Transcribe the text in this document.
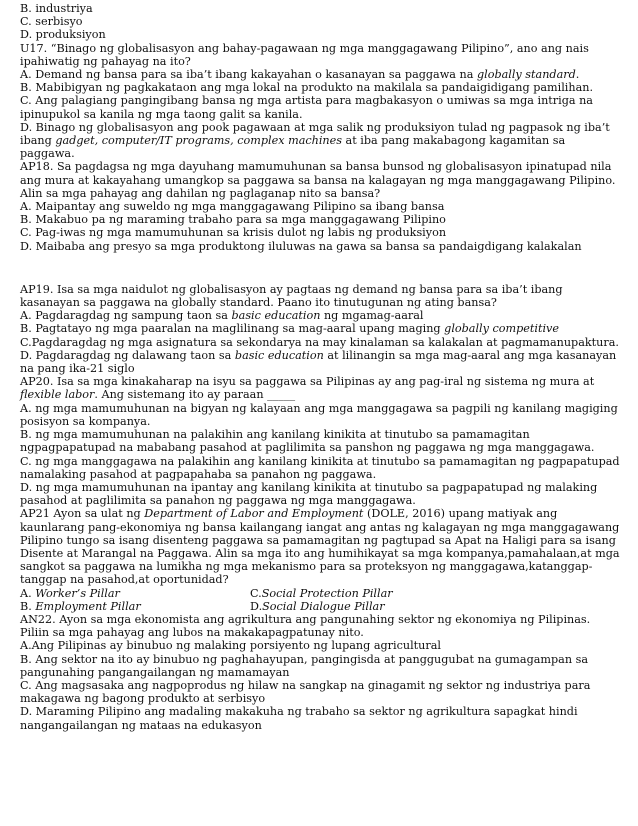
B. industriya

C. serbisyo

D. produksiyon

U17. “Binago ng globalisasyon ang bahay-pagawaan ng mga manggagawang Pilipino”, ano ang nais ipahiwatig ng pahayag na ito?

A. Demand ng bansa para sa iba’t ibang kakayahan o kasanayan sa paggawa na globally standard.

B. Mabibigyan ng pagkakataon ang mga lokal na produkto na makilala sa pandaigidigang pamilihan.

C. Ang palagiang pangingibang bansa ng mga artista para magbakasyon o umiwas sa mga intriga na ipinupukol sa kanila ng mga taong galit sa kanila.

D. Binago ng globalisasyon ang pook pagawaan at mga salik ng produksiyon tulad ng pagpasok ng iba’t ibang gadget, computer/IT programs, complex machines at iba pang makabagong kagamitan sa paggawa.

AP18. Sa pagdagsa ng mga dayuhang mamumuhunan sa bansa bunsod ng globalisasyon ipinatupad nila ang mura at kakayahang umangkop sa paggawa sa bansa na kalagayan ng mga manggagawang Pilipino. Alin sa mga pahayag ang dahilan ng paglaganap nito sa bansa?

A. Maipantay ang suweldo ng mga manggagawang Pilipino sa ibang bansa

B. Makabuo pa ng maraming trabaho para sa mga manggagawang Pilipino

C. Pag-iwas ng mga mamumuhunan sa krisis dulot ng labis ng produksiyon

D. Maibaba ang presyo sa mga produktong iluluwas na gawa sa bansa sa pandaigdigang kalakalan

AP19. Isa sa mga naidulot ng globalisasyon ay pagtaas ng demand ng bansa para sa iba’t ibang kasanayan sa paggawa na globally standard. Paano ito tinutugunan ng ating bansa?

A. Pagdaragdag ng sampung taon sa basic education ng mgamag-aaral

B. Pagtatayo ng mga paaralan na maglilinang sa mag-aaral upang maging globally competitive

C.Pagdaragdag ng mga asignatura sa sekondarya na may kinalaman sa kalakalan at pagmamanupaktura.

D. Pagdaragdag ng dalawang taon sa basic education at lilinangin sa mga mag-aaral ang mga kasanayan na pang ika-21 siglo

AP20. Isa sa mga kinakaharap na isyu sa paggawa sa Pilipinas ay ang pag-iral ng sistema ng mura at flexible labor. Ang sistemang ito ay paraan _____

A. ng mga mamumuhunan na bigyan ng kalayaan ang mga manggagawa sa pagpili ng kanilang magiging posisyon sa kompanya.

B. ng mga mamumuhunan na palakihin ang kanilang kinikita at tinutubo sa pamamagitan ngpagpapatupad na mababang pasahod at paglilimita sa panshon ng paggawa ng mga manggagawa.

C. ng mga manggagawa na palakihin ang kanilang kinikita at tinutubo sa pamamagitan ng pagpapatupad namalaking pasahod at pagpapahaba sa panahon ng paggawa.

D. ng mga mamumuhunan na ipantay ang kanilang kinikita at tinutubo sa pagpapatupad ng malaking pasahod at paglilimita sa panahon ng paggawa ng mga manggagawa.

AP21 Ayon sa ulat ng Department of Labor and Employment (DOLE, 2016) upang matiyak ang kaunlarang pang-ekonomiya ng bansa kailangang iangat ang antas ng kalagayan ng mga manggagawang Pilipino tungo sa isang disenteng paggawa sa pamamagitan ng pagtupad sa Apat na Haligi para sa isang Disente at Marangal na Paggawa. Alin sa mga ito ang humihikayat sa mga kompanya,pamahalaan,at mga sangkot sa paggawa na lumikha ng mga mekanismo para sa proteksyon ng manggagawa,katanggap-tanggap na pasahod,at oportunidad?

A. Worker’s Pillar	C.Social Protection Pillar

B. Employment Pillar	D.Social Dialogue Pillar

AN22. Ayon sa mga ekonomista ang agrikultura ang pangunahing sektor ng ekonomiya ng Pilipinas. Piliin sa mga pahayag ang lubos na makakapagpatunay nito.

A.Ang Pilipinas ay binubuo ng malaking porsiyento ng lupang agricultural

B. Ang sektor na ito ay binubuo ng paghahayupan, pangingisda at panggugubat na gumagampan sa pangunahing pangangailangan ng mamamayan

C. Ang magsasaka ang nagpoprodus ng hilaw na sangkap na ginagamit ng sektor ng industriya para makagawa ng bagong produkto at serbisyo

D. Maraming Pilipino ang madaling makakuha ng trabaho sa sektor ng agrikultura sapagkat hindi nangangailangan ng mataas na edukasyon
